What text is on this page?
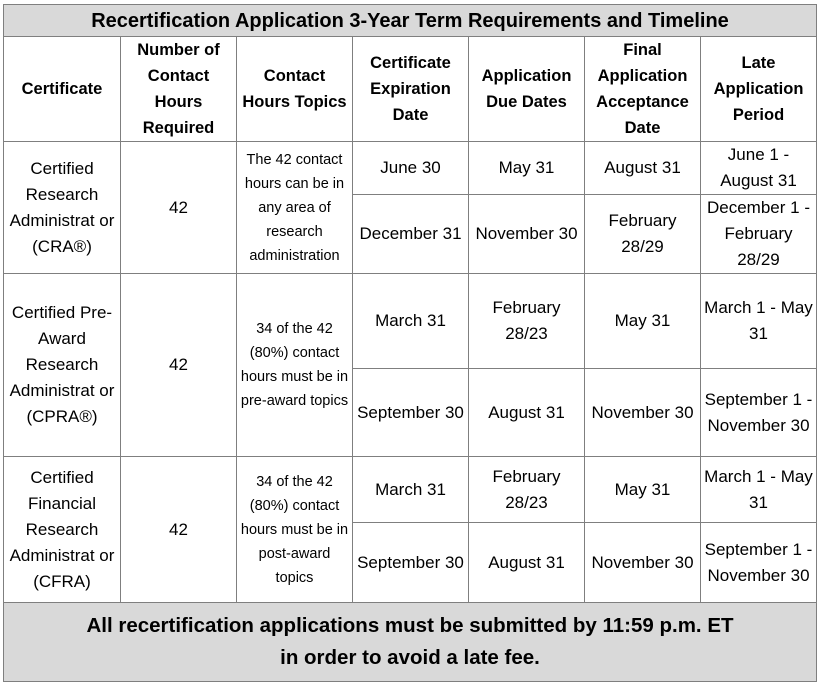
Recertification Application 3-Year Term Requirements and Timeline						
Certificate	Number of Contact Hours Required	Contact Hours Topics	Certificate Expiration Date	Application Due Dates	Final Application Acceptance Date	Late Application Period
Certified Research Administrat or (CRA®)	42	The 42 contact hours can be in any area of research administration	June 30	May 31	August 31	June 1 - August 31
			December 31	November 30	February 28/29	December 1 - February 28/29
Certified Pre-Award Research Administrat or (CPRA®)	42	34 of the 42 (80%) contact hours must be in pre-award topics	March 31	February 28/23	May 31	March 1 - May 31
			September 30	August 31	November 30	September 1 - November 30
Certified Financial Research Administrat or (CFRA)	42	34 of the 42 (80%) contact hours must be in post-award topics	March 31	February 28/23	May 31	March 1 - May 31
			September 30	August 31	November 30	September 1 - November 30

All recertification applications must be submitted by 11:59 p.m. ET
in order to avoid a late fee.						
